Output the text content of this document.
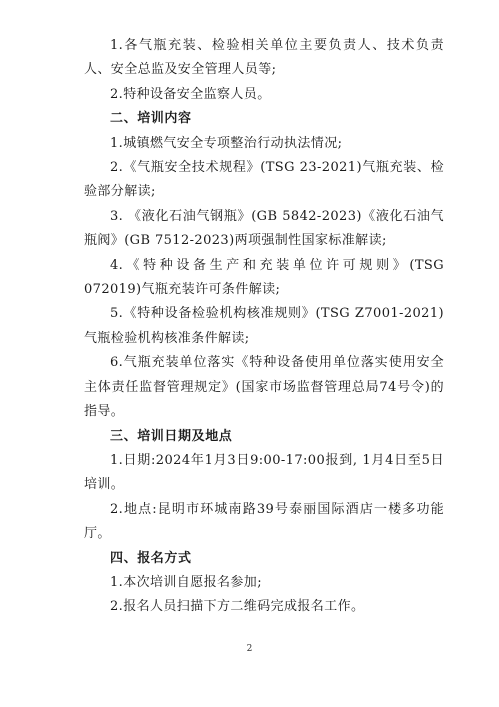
1.各气瓶充装、检验相关单位主要负责人、技术负责人、安全总监及安全管理人员等;

2.特种设备安全监察人员。

二、培训内容

1.城镇燃气安全专项整治行动执法情况;

2.《气瓶安全技术规程》(TSG 23-2021)气瓶充装、检验部分解读;

3. 《液化石油气钢瓶》(GB 5842-2023)《液化石油气瓶阀》(GB 7512-2023)两项强制性国家标准解读;

4.《特种设备生产和充装单位许可规则》(TSG 072019)气瓶充装许可条件解读;

5.《特种设备检验机构核准规则》(TSG Z7001-2021)气瓶检验机构核准条件解读;

6.气瓶充装单位落实《特种设备使用单位落实使用安全主体责任监督管理规定》(国家市场监督管理总局74号令)的指导。

三、培训日期及地点

1.日期:2024年1月3日9:00-17:00报到, 1月4日至5日培训。

2.地点:昆明市环城南路39号泰丽国际酒店一楼多功能厅。

四、报名方式

1.本次培训自愿报名参加;

2.报名人员扫描下方二维码完成报名工作。

2
